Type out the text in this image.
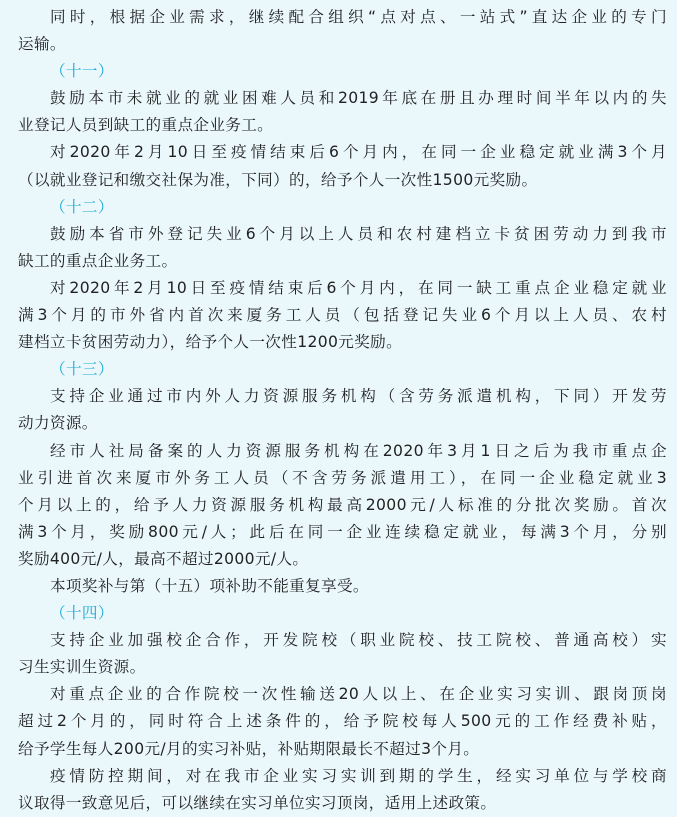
同时，根据企业需求，继续配合组织“点对点、一站式”直达企业的专门

运输。

（十一）

鼓励本市未就业的就业困难人员和2019年底在册且办理时间半年以内的失

业登记人员到缺工的重点企业务工。

对2020年2月10日至疫情结束后6个月内，在同一企业稳定就业满3个月

（以就业登记和缴交社保为准，下同）的，给予个人一次性1500元奖励。

（十二）

鼓励本省市外登记失业6个月以上人员和农村建档立卡贫困劳动力到我市

缺工的重点企业务工。

对2020年2月10日至疫情结束后6个月内，在同一缺工重点企业稳定就业

满3个月的市外省内首次来厦务工人员（包括登记失业6个月以上人员、农村

建档立卡贫困劳动力），给予个人一次性1200元奖励。

（十三）

支持企业通过市内外人力资源服务机构（含劳务派遣机构，下同）开发劳

动力资源。

经市人社局备案的人力资源服务机构在2020年3月1日之后为我市重点企

业引进首次来厦市外务工人员（不含劳务派遣用工），在同一企业稳定就业3

个月以上的，给予人力资源服务机构最高2000元/人标准的分批次奖励。首次

满3个月，奖励800元/人；此后在同一企业连续稳定就业，每满3个月，分别

奖励400元/人，最高不超过2000元/人。

本项奖补与第（十五）项补助不能重复享受。

（十四）

支持企业加强校企合作，开发院校（职业院校、技工院校、普通高校）实

习生实训生资源。

对重点企业的合作院校一次性输送20人以上、在企业实习实训、跟岗顶岗

超过2个月的，同时符合上述条件的，给予院校每人500元的工作经费补贴，

给予学生每人200元/月的实习补贴，补贴期限最长不超过3个月。

疫情防控期间，对在我市企业实习实训到期的学生，经实习单位与学校商

议取得一致意见后，可以继续在实习单位实习顶岗，适用上述政策。
